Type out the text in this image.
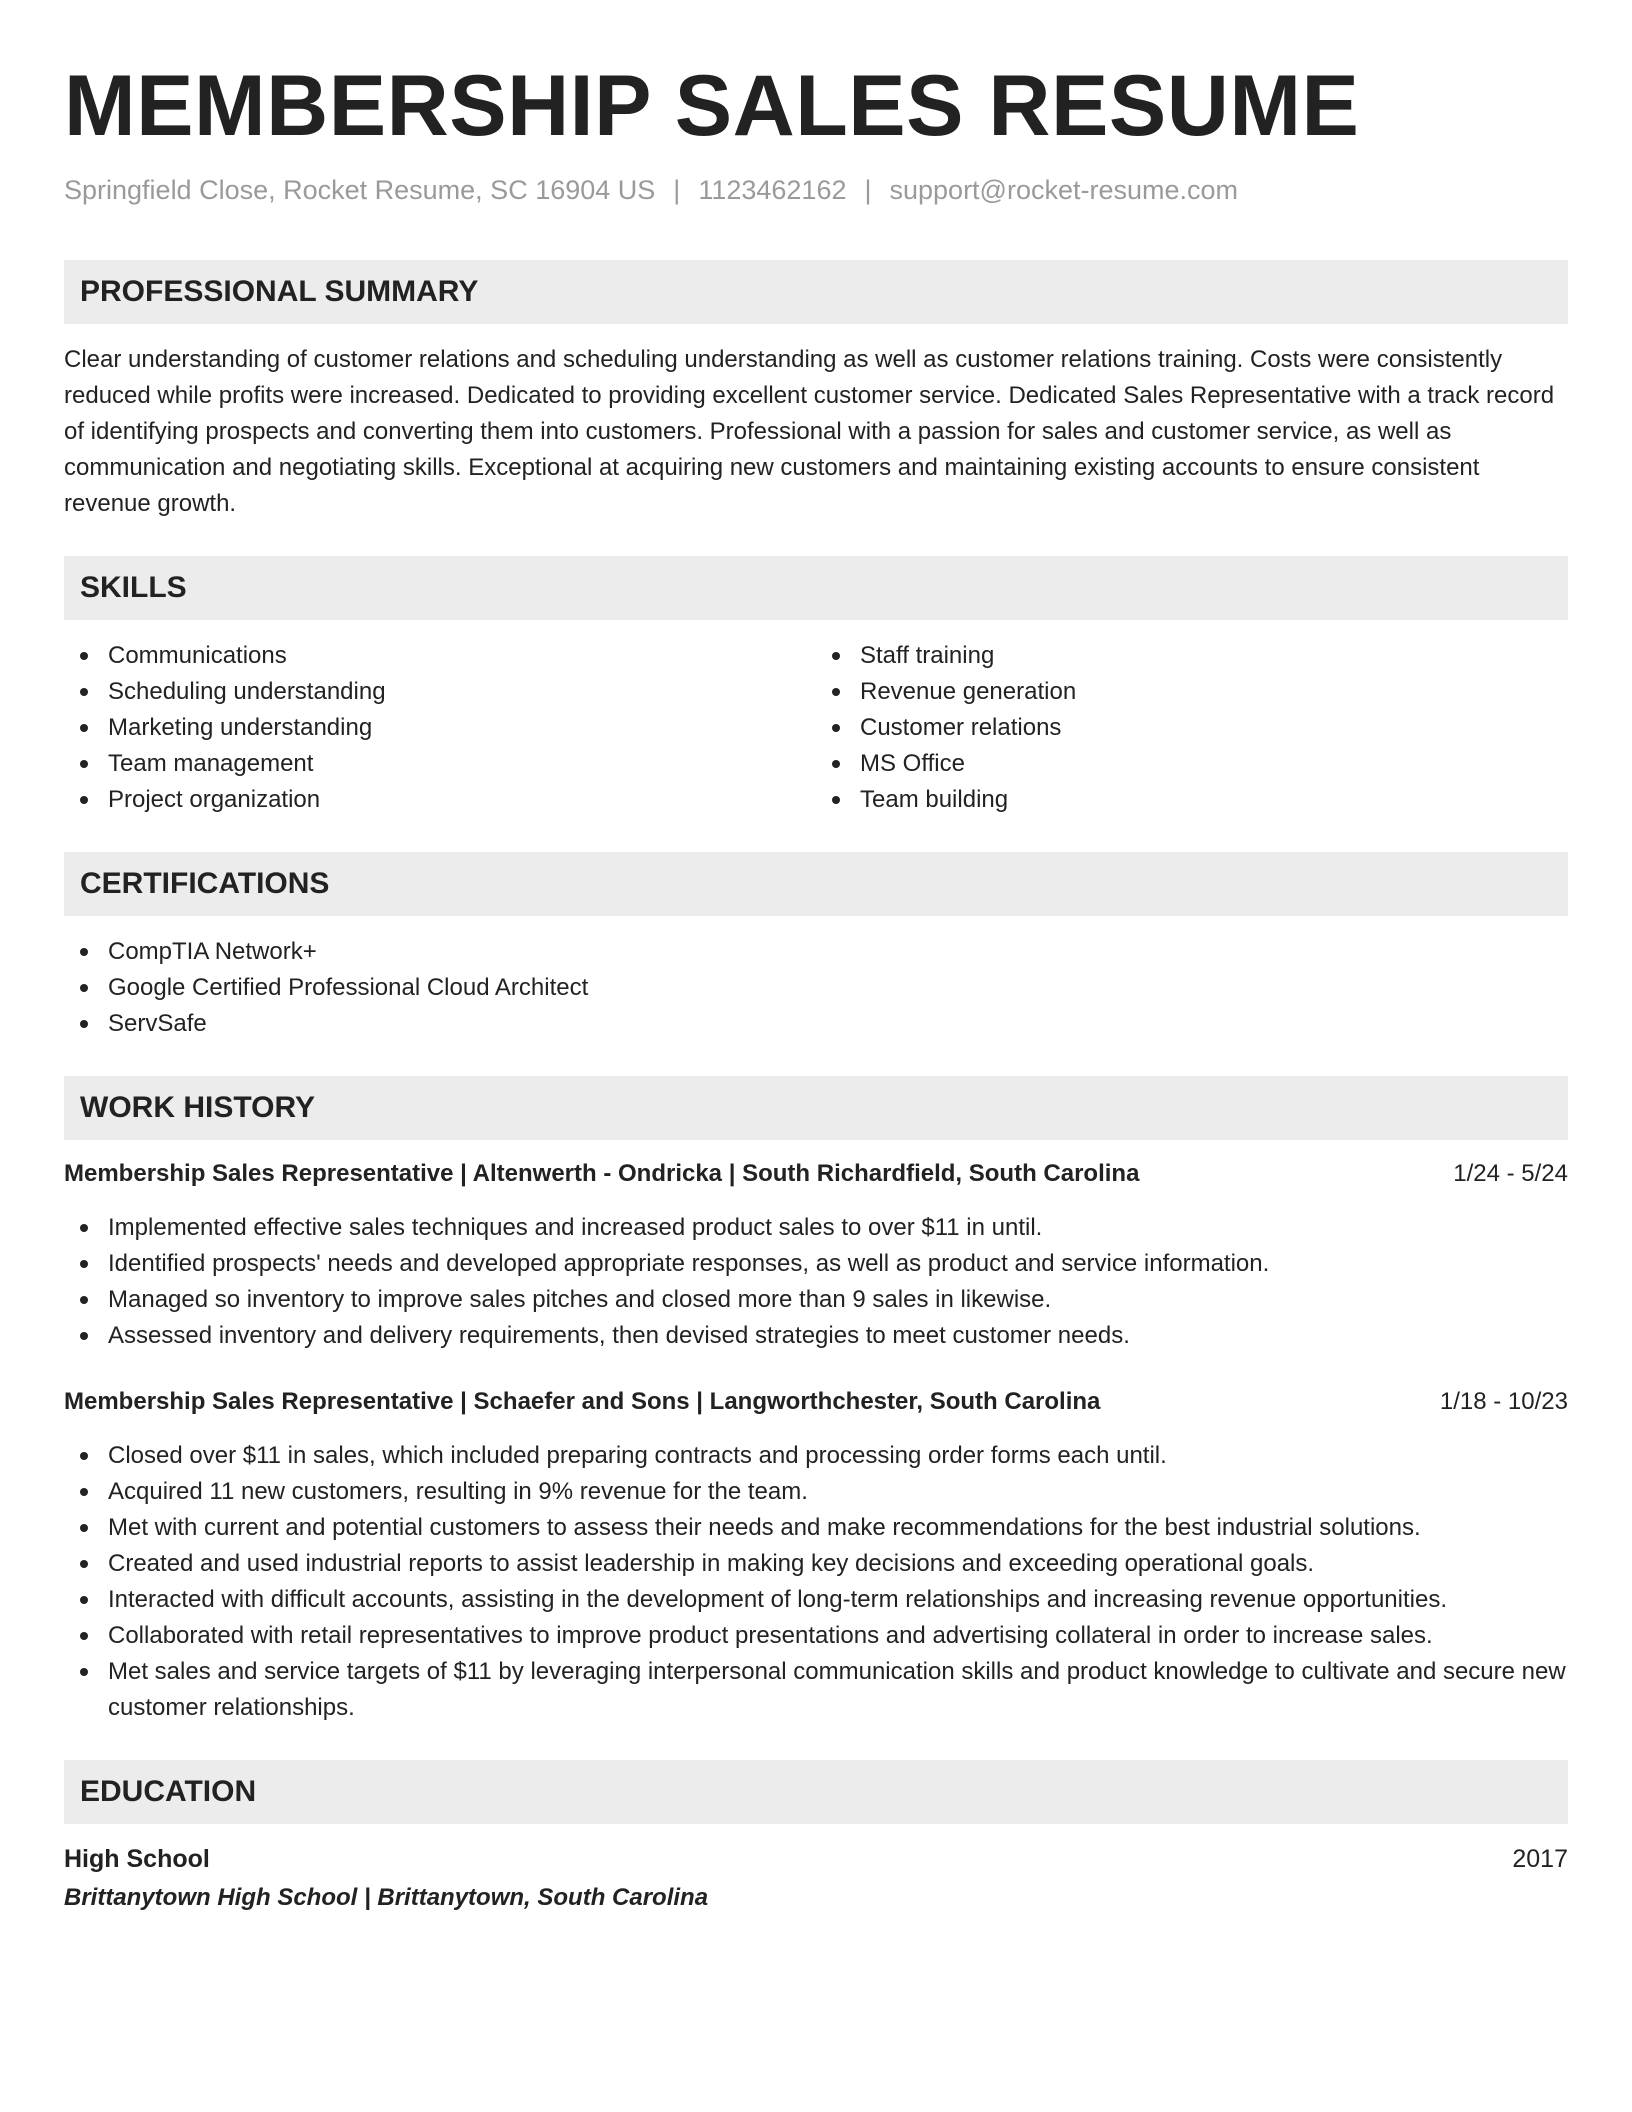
MEMBERSHIP SALES RESUME
Springfield Close, Rocket Resume, SC 16904 US | 1123462162 | support@rocket-resume.com
PROFESSIONAL SUMMARY

Clear understanding of customer relations and scheduling understanding as well as customer relations training. Costs were consistently reduced while profits were increased. Dedicated to providing excellent customer service. Dedicated Sales Representative with a track record of identifying prospects and converting them into customers. Professional with a passion for sales and customer service, as well as communication and negotiating skills. Exceptional at acquiring new customers and maintaining existing accounts to ensure consistent revenue growth.

SKILLS
Communications
Scheduling understanding
Marketing understanding
Team management
Project organization
Staff training
Revenue generation
Customer relations
MS Office
Team building
CERTIFICATIONS
CompTIA Network+
Google Certified Professional Cloud Architect
ServSafe
WORK HISTORY
Membership Sales Representative | Altenwerth - Ondricka | South Richardfield, South Carolina	1/24 - 5/24
Implemented effective sales techniques and increased product sales to over $11 in until.
Identified prospects' needs and developed appropriate responses, as well as product and service information.
Managed so inventory to improve sales pitches and closed more than 9 sales in likewise.
Assessed inventory and delivery requirements, then devised strategies to meet customer needs.
Membership Sales Representative | Schaefer and Sons | Langworthchester, South Carolina	1/18 - 10/23
Closed over $11 in sales, which included preparing contracts and processing order forms each until.
Acquired 11 new customers, resulting in 9% revenue for the team.
Met with current and potential customers to assess their needs and make recommendations for the best industrial solutions.
Created and used industrial reports to assist leadership in making key decisions and exceeding operational goals.
Interacted with difficult accounts, assisting in the development of long-term relationships and increasing revenue opportunities.
Collaborated with retail representatives to improve product presentations and advertising collateral in order to increase sales.
Met sales and service targets of $11 by leveraging interpersonal communication skills and product knowledge to cultivate and secure new customer relationships.
EDUCATION
High School	2017
Brittanytown High School | Brittanytown, South Carolina
